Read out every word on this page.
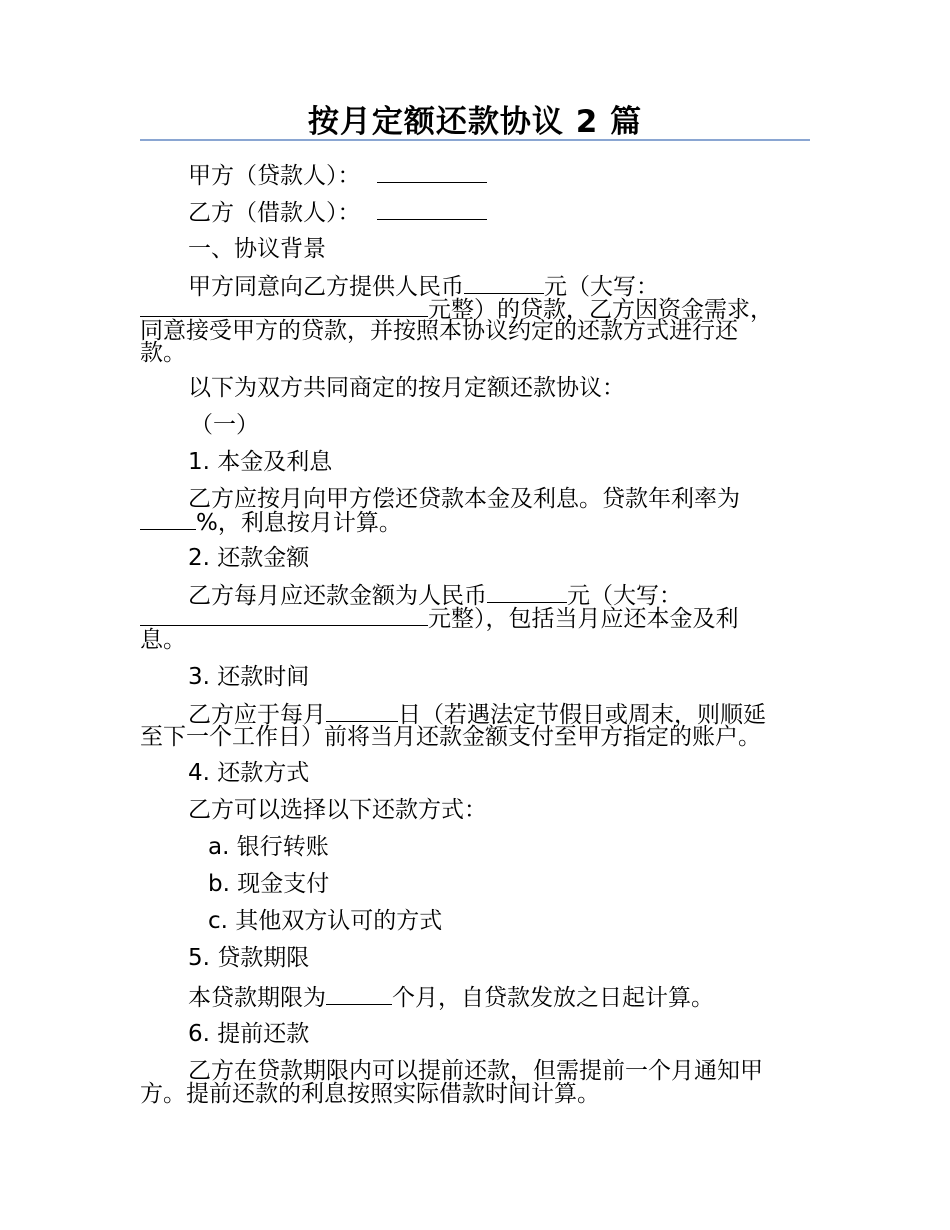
按月定额还款协议 2 篇
甲方（贷款人）：
乙方（借款人）：
一、协议背景
甲方同意向乙方提供人民币	元（大写：
元整）的贷款，乙方因资金需求，
同意接受甲方的贷款，并按照本协议约定的还款方式进行还
款。
以下为双方共同商定的按月定额还款协议：
（一）
1. 本金及利息
乙方应按月向甲方偿还贷款本金及利息。贷款年利率为
%，利息按月计算。
2. 还款金额
乙方每月应还款金额为人民币	元（大写：
元整），包括当月应还本金及利
息。
3. 还款时间
乙方应于每月	日（若遇法定节假日或周末，则顺延
至下一个工作日）前将当月还款金额支付至甲方指定的账户。
4. 还款方式
乙方可以选择以下还款方式：
a. 银行转账
b. 现金支付
c. 其他双方认可的方式
5. 贷款期限
本贷款期限为	个月，自贷款发放之日起计算。
6. 提前还款
乙方在贷款期限内可以提前还款，但需提前一个月通知甲
方。提前还款的利息按照实际借款时间计算。
